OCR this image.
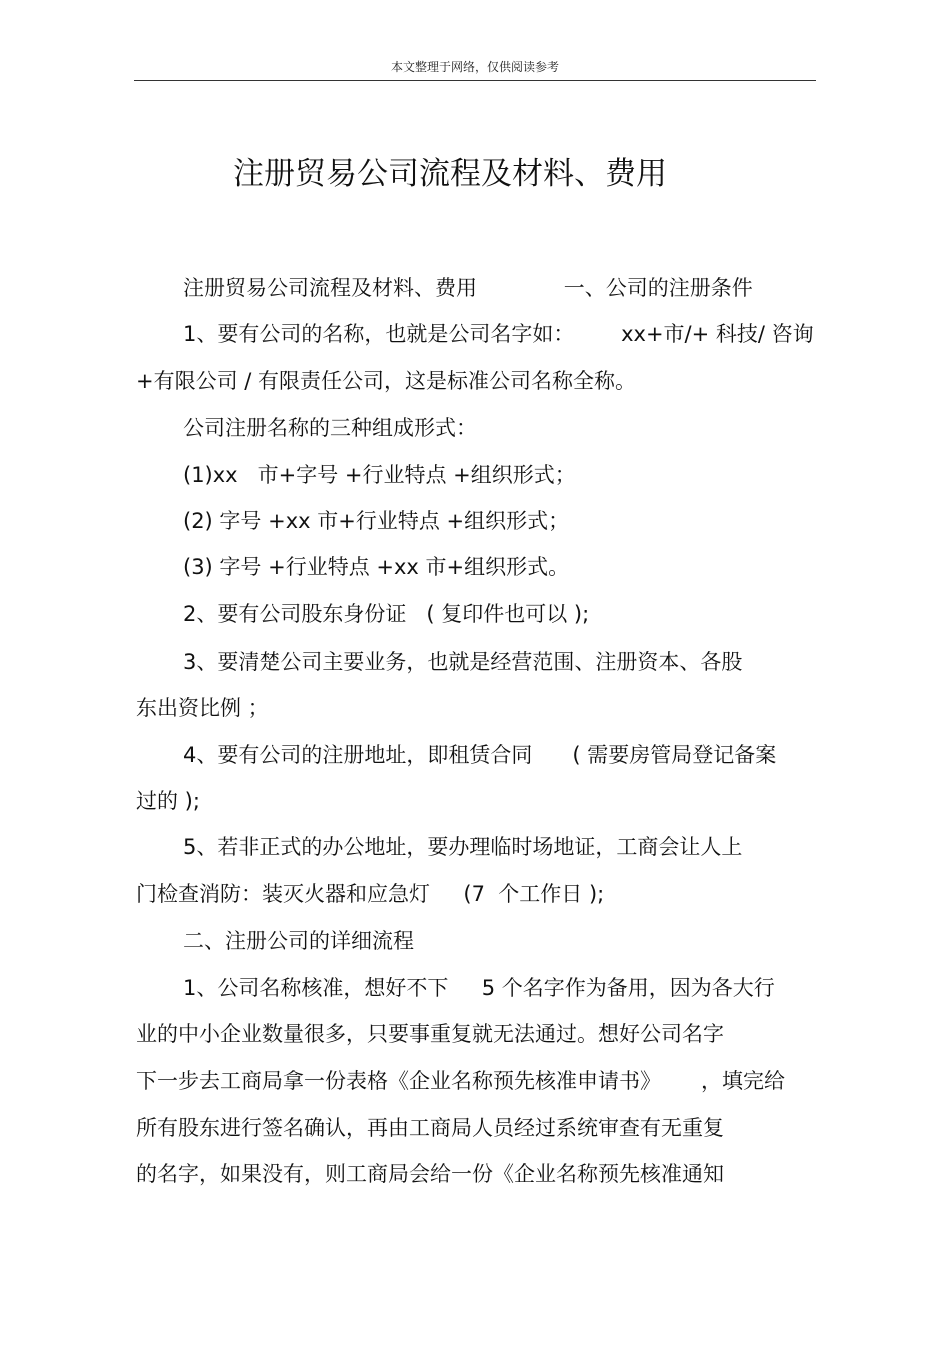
本文整理于网络，仅供阅读参考
注册贸易公司流程及材料、费用
注册贸易公司流程及材料、费用             一、公司的注册条件
1、要有公司的名称，也就是公司名字如：       xx+市/+ 科技/ 咨询
+有限公司 / 有限责任公司，这是标准公司名称全称。
公司注册名称的三种组成形式：
(1)xx   市+字号 +行业特点 +组织形式；
(2) 字号 +xx 市+行业特点 +组织形式；
(3) 字号 +行业特点 +xx 市+组织形式。
2、要有公司股东身份证   ( 复印件也可以 );
3、要清楚公司主要业务，也就是经营范围、注册资本、各股
东出资比例 ；
4、要有公司的注册地址，即租赁合同      ( 需要房管局登记备案
过的 );
5、若非正式的办公地址，要办理临时场地证，工商会让人上
门检查消防：装灭火器和应急灯     (7  个工作日 );
二、注册公司的详细流程
1、公司名称核准，想好不下     5 个名字作为备用，因为各大行
业的中小企业数量很多，只要事重复就无法通过。想好公司名字
下一步去工商局拿一份表格《企业名称预先核准申请书》      ，填完给
所有股东进行签名确认，再由工商局人员经过系统审查有无重复
的名字，如果没有，则工商局会给一份《企业名称预先核准通知
